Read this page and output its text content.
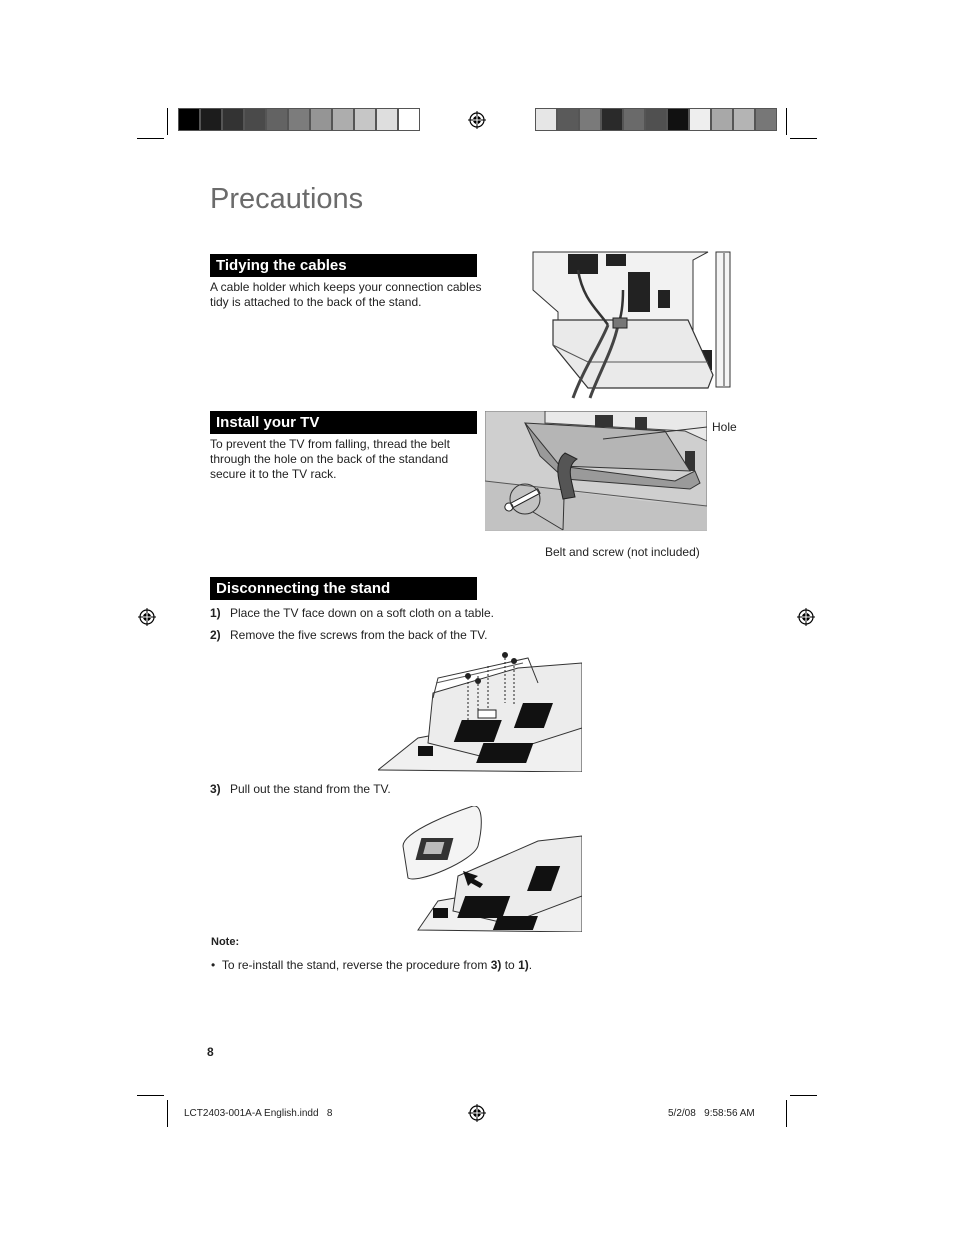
Precautions
Tidying the cables
A cable holder which keeps your connection cables tidy is attached to the back of the stand.
Install your TV
To prevent the TV from falling, thread the belt through the hole on the back of the standand secure it to the TV rack.
Hole
Belt and screw (not included)
Disconnecting the stand
1) Place the TV face down on a soft cloth on a table.
2) Remove the five screws from the back of the TV.
3) Pull out the stand from the TV.
Note:
• To re-install the stand, reverse the procedure from 3) to 1).
8
LCT2403-001A-A English.indd   8	5/2/08   9:58:56 AM
